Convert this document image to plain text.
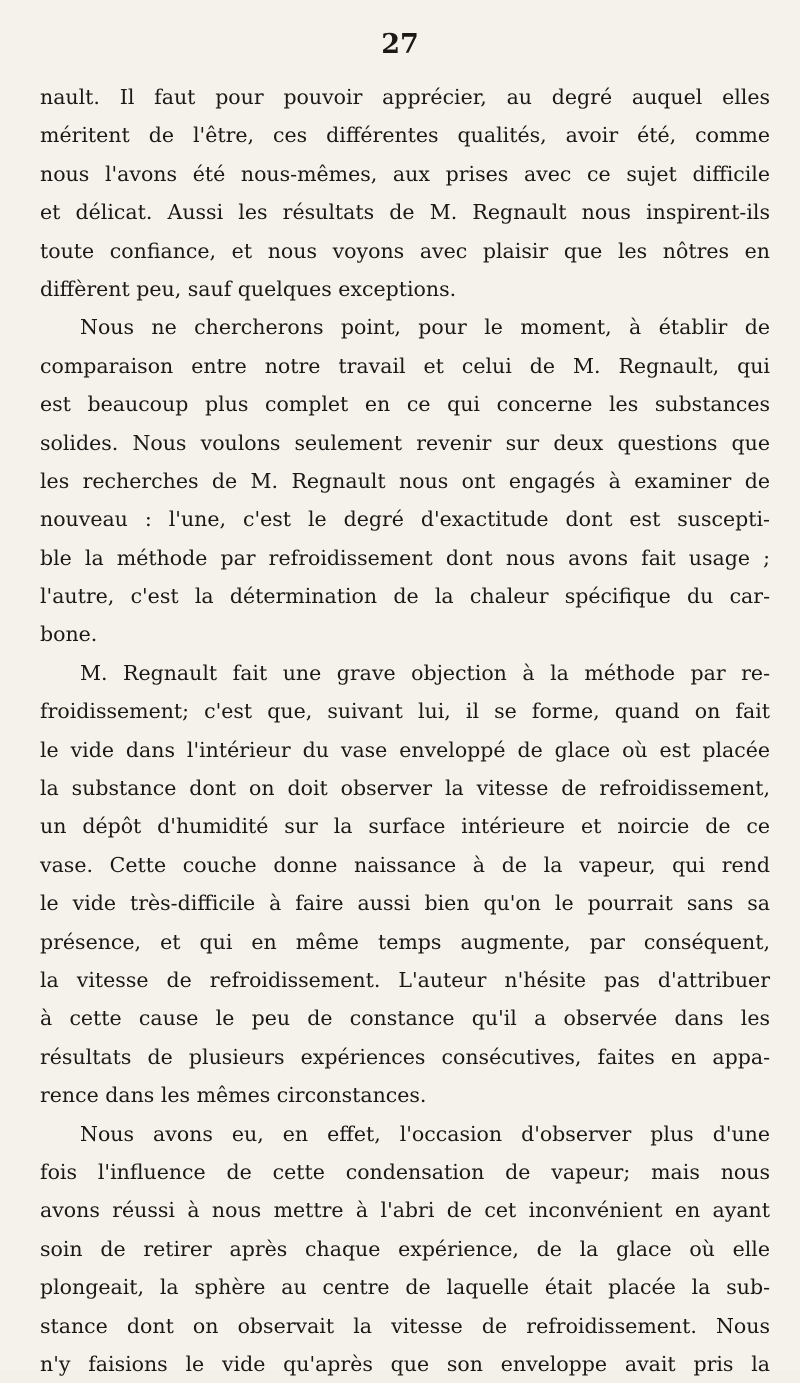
27
nault. Il faut pour pouvoir apprécier, au degré auquel elles
méritent de l'être, ces différentes qualités, avoir été, comme
nous l'avons été nous-mêmes, aux prises avec ce sujet difficile
et délicat. Aussi les résultats de M. Regnault nous inspirent-ils
toute confiance, et nous voyons avec plaisir que les nôtres en
diffèrent peu, sauf quelques exceptions.
Nous ne chercherons point, pour le moment, à établir de
comparaison entre notre travail et celui de M. Regnault, qui
est beaucoup plus complet en ce qui concerne les substances
solides. Nous voulons seulement revenir sur deux questions que
les recherches de M. Regnault nous ont engagés à examiner de
nouveau : l'une, c'est le degré d'exactitude dont est suscepti-
ble la méthode par refroidissement dont nous avons fait usage ;
l'autre, c'est la détermination de la chaleur spécifique du car-
bone.
M. Regnault fait une grave objection à la méthode par re-
froidissement; c'est que, suivant lui, il se forme, quand on fait
le vide dans l'intérieur du vase enveloppé de glace où est placée
la substance dont on doit observer la vitesse de refroidissement,
un dépôt d'humidité sur la surface intérieure et noircie de ce
vase. Cette couche donne naissance à de la vapeur, qui rend
le vide très-difficile à faire aussi bien qu'on le pourrait sans sa
présence, et qui en même temps augmente, par conséquent,
la vitesse de refroidissement. L'auteur n'hésite pas d'attribuer
à cette cause le peu de constance qu'il a observée dans les
résultats de plusieurs expériences consécutives, faites en appa-
rence dans les mêmes circonstances.
Nous avons eu, en effet, l'occasion d'observer plus d'une
fois l'influence de cette condensation de vapeur; mais nous
avons réussi à nous mettre à l'abri de cet inconvénient en ayant
soin de retirer après chaque expérience, de la glace où elle
plongeait, la sphère au centre de laquelle était placée la sub-
stance dont on observait la vitesse de refroidissement. Nous
n'y faisions le vide qu'après que son enveloppe avait pris la
